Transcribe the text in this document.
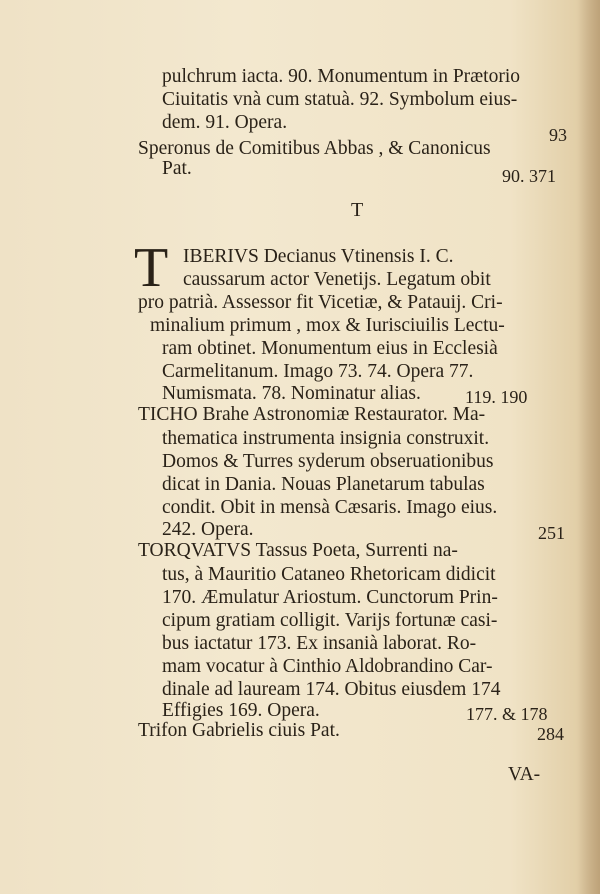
pulchrum iacta. 90. Monumentum in Prætorio
Ciuitatis vnà cum statuà. 92. Symbolum eius-
dem. 91. Opera.
93
Speronus de Comitibus Abbas , & Canonicus
Pat.	90. 371
T
T IBERIVS Decianus Vtinensis I. C.
caussarum actor Venetijs. Legatum obit
pro patrià. Assessor fit Vicetiæ, & Patauij. Cri-
minalium primum , mox & Iurisciuilis Lectu-
ram obtinet. Monumentum eius in Ecclesià
Carmelitanum. Imago 73. 74. Opera 77.
Numismata. 78. Nominatur alias. 119. 190
TICHO Brahe Astronomiæ Restaurator. Ma-
thematica instrumenta insignia construxit.
Domos & Turres syderum obseruationibus
dicat in Dania. Nouas Planetarum tabulas
condit. Obit in mensà Cæsaris. Imago eius.
242. Opera.	251
TORQVATVS Tassus Poeta, Surrenti na-
tus, à Mauritio Cataneo Rhetoricam didicit
170. Æmulatur Ariostum. Cunctorum Prin-
cipum gratiam colligit. Varijs fortunæ casi-
bus iactatur 173. Ex insanià laborat. Ro-
mam vocatur à Cinthio Aldobrandino Car-
dinale ad lauream 174. Obitus eiusdem 174
Effigies 169. Opera.	177. & 178
Trifon Gabrielis ciuis Pat.	284
VA-
